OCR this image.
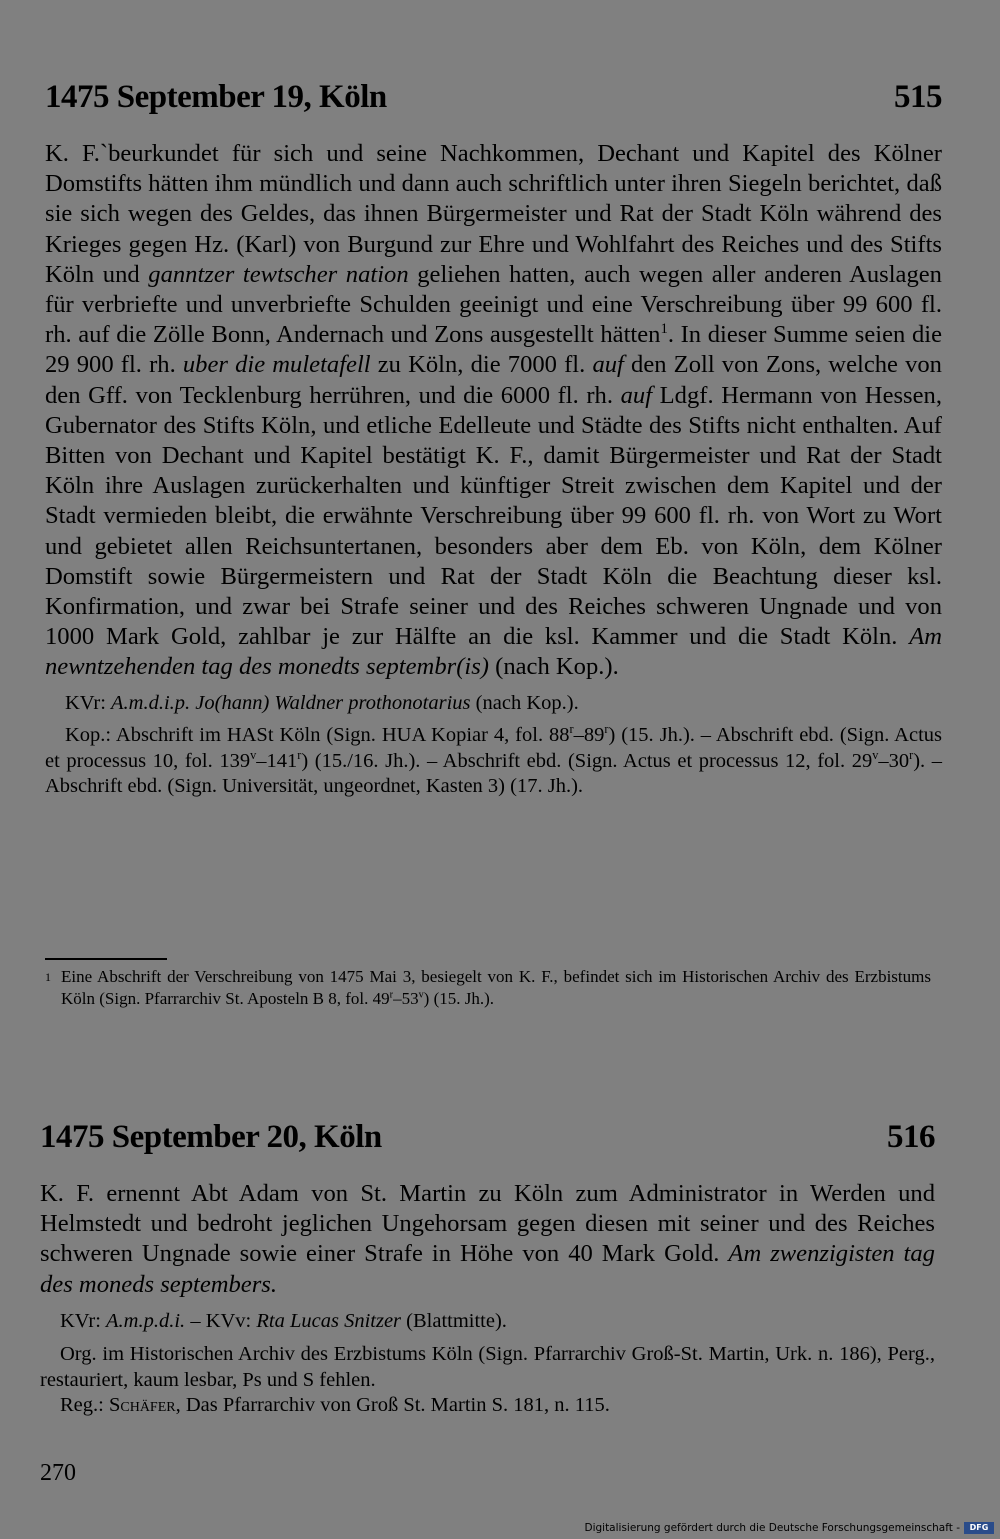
1475 September 19, Köln	515

K. F.`beurkundet für sich und seine Nachkommen, Dechant und Kapitel des Kölner Domstifts hätten ihm mündlich und dann auch schriftlich unter ihren Siegeln berichtet, daß sie sich wegen des Geldes, das ihnen Bürgermeister und Rat der Stadt Köln während des Krieges gegen Hz. (Karl) von Burgund zur Ehre und Wohlfahrt des Reiches und des Stifts Köln und ganntzer tewtscher nation geliehen hatten, auch wegen aller anderen Auslagen für verbriefte und unverbriefte Schulden geeinigt und eine Verschreibung über 99 600 fl. rh. auf die Zölle Bonn, Andernach und Zons ausgestellt hätten$^1$. In dieser Summe seien die 29 900 fl. rh. uber die muletafell zu Köln, die 7000 fl. auf den Zoll von Zons, welche von den Gff. von Tecklenburg herrühren, und die 6000 fl. rh. auf Ldgf. Hermann von Hessen, Gubernator des Stifts Köln, und etliche Edelleute und Städte des Stifts nicht enthalten. Auf Bitten von Dechant und Kapitel bestätigt K. F., damit Bürgermeister und Rat der Stadt Köln ihre Auslagen zurückerhalten und künftiger Streit zwischen dem Kapitel und der Stadt vermieden bleibt, die erwähnte Verschreibung über 99 600 fl. rh. von Wort zu Wort und gebietet allen Reichsuntertanen, besonders aber dem Eb. von Köln, dem Kölner Domstift sowie Bürgermeistern und Rat der Stadt Köln die Beachtung dieser ksl. Konfirmation, und zwar bei Strafe seiner und des Reiches schweren Ungnade und von 1000 Mark Gold, zahlbar je zur Hälfte an die ksl. Kammer und die Stadt Köln. Am newntzehenden tag des monedts septembr(is) (nach Kop.).

KVr: A.m.d.i.p. Jo(hann) Waldner prothonotarius (nach Kop.).

Kop.: Abschrift im HASt Köln (Sign. HUA Kopiar 4, fol. 88$^r$–89$^r$) (15. Jh.). – Abschrift ebd. (Sign. Actus et processus 10, fol. 139$^v$–141$^r$) (15./16. Jh.). – Abschrift ebd. (Sign. Actus et processus 12, fol. 29$^v$–30$^r$). – Abschrift ebd. (Sign. Universität, ungeordnet, Kasten 3) (17. Jh.).

1 Eine Abschrift der Verschreibung von 1475 Mai 3, besiegelt von K. F., befindet sich im Historischen Archiv des Erzbistums Köln (Sign. Pfarrarchiv St. Aposteln B 8, fol. 49$^r$–53$^v$) (15. Jh.).
1475 September 20, Köln	516

K. F. ernennt Abt Adam von St. Martin zu Köln zum Administrator in Werden und Helmstedt und bedroht jeglichen Ungehorsam gegen diesen mit seiner und des Reiches schweren Ungnade sowie einer Strafe in Höhe von 40 Mark Gold. Am zwenzigisten tag des moneds septembers.

KVr: A.m.p.d.i. – KVv: Rta Lucas Snitzer (Blattmitte).

Org. im Historischen Archiv des Erzbistums Köln (Sign. Pfarrarchiv Groß-St. Martin, Urk. n. 186), Perg., restauriert, kaum lesbar, Ps und S fehlen.

Reg.: Schäfer, Das Pfarrarchiv von Groß St. Martin S. 181, n. 115.

270
Digitalisierung gefördert durch die Deutsche Forschungsgemeinschaft -	DFG
